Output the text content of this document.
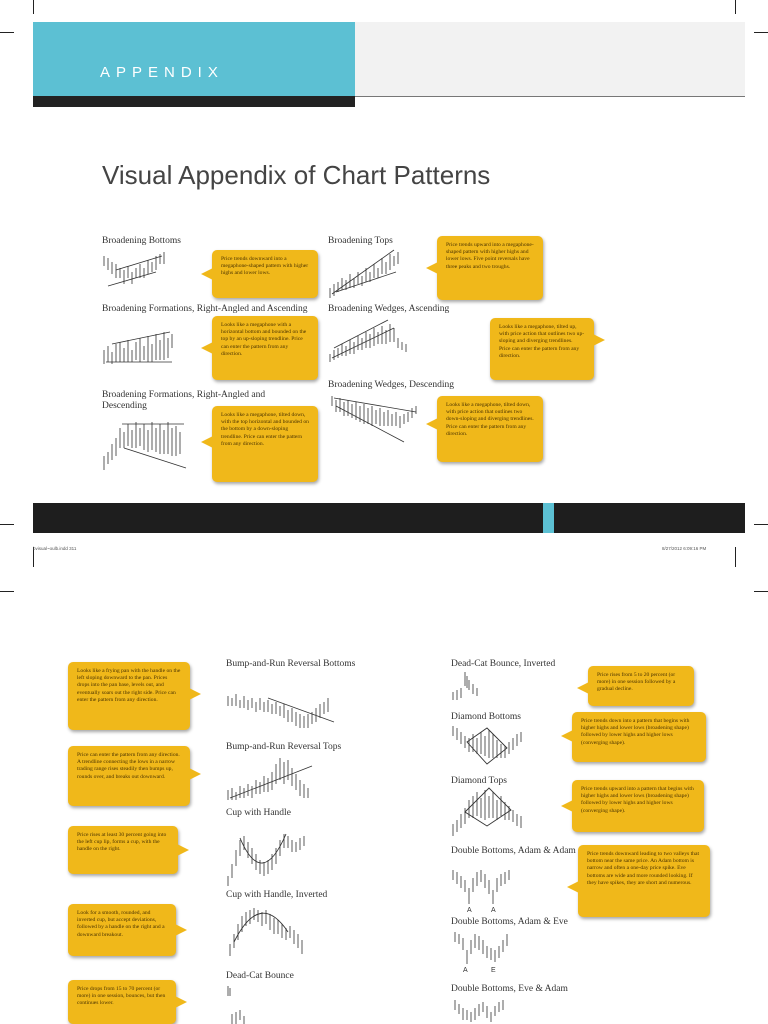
APPENDIX
Visual Appendix of Chart Patterns
Broadening Bottoms
Price trends downward into a megaphone-shaped pattern with higher highs and lower lows.
Broadening Tops	Price trends upward into a megaphone-shaped pattern with higher highs and lower lows. Five point reversals have three peaks and two troughs.
Broadening Formations, Right-Angled and Ascending
Looks like a megaphone with a horizontal bottom and bounded on the top by an up-sloping trendline. Price can enter the pattern from any direction.
Broadening Wedges, Ascending
Looks like a megaphone, tilted up, with price action that outlines two up-sloping and diverging trendlines. Price can enter the pattern from any direction.
Broadening Formations, Right-Angled and Descending
Looks like a megaphone, tilted down, with the top horizontal and bounded on the bottom by a down-sloping trendline. Price can enter the pattern from any direction.
Broadening Wedges, Descending
Looks like a megaphone, tilted down, with price action that outlines two down-sloping and diverging trendlines. Price can enter the pattern from any direction.
bvisual~oulb.indd 311	8/27/2012 6:09:16 PM
Looks like a frying pan with the handle on the left sloping downward to the pan. Prices drops into the pan base, levels out, and eventually soars out the right side. Price can enter the pattern from any direction.
Bump-and-Run Reversal Bottoms
Price can enter the pattern from any direction. A trendline connecting the lows in a narrow trading range rises steadily then bumps up, rounds over, and breaks out downward.
Bump-and-Run Reversal Tops
Price rises at least 30 percent going into the left cup lip, forms a cup, with the handle on the right.
Cup with Handle
Look for a smooth, rounded, and inverted cup, but accept deviations, followed by a handle on the right and a downward breakout.
Cup with Handle, Inverted
Price drops from 15 to 70 percent (or more) in one session, bounces, but then continues lower.
Dead-Cat Bounce
Dead-Cat Bounce, Inverted
Price rises from 5 to 20 percent (or more) in one session followed by a gradual decline.
Diamond Bottoms	Price trends down into a pattern that begins with higher highs and lower lows (broadening shape) followed by lower highs and higher lows (converging shape).
Diamond Tops
Price trends upward into a pattern that begins with higher highs and lower lows (broadening shape) followed by lower highs and higher lows (converging shape).
Double Bottoms, Adam & Adam
A	A
Price trends downward leading to two valleys that bottom near the same price. An Adam bottom is narrow and often a one-day price spike. Eve bottoms are wide and more rounded looking. If they have spikes, they are short and numerous.
Double Bottoms, Adam & Eve
A	E
Double Bottoms, Eve & Adam
